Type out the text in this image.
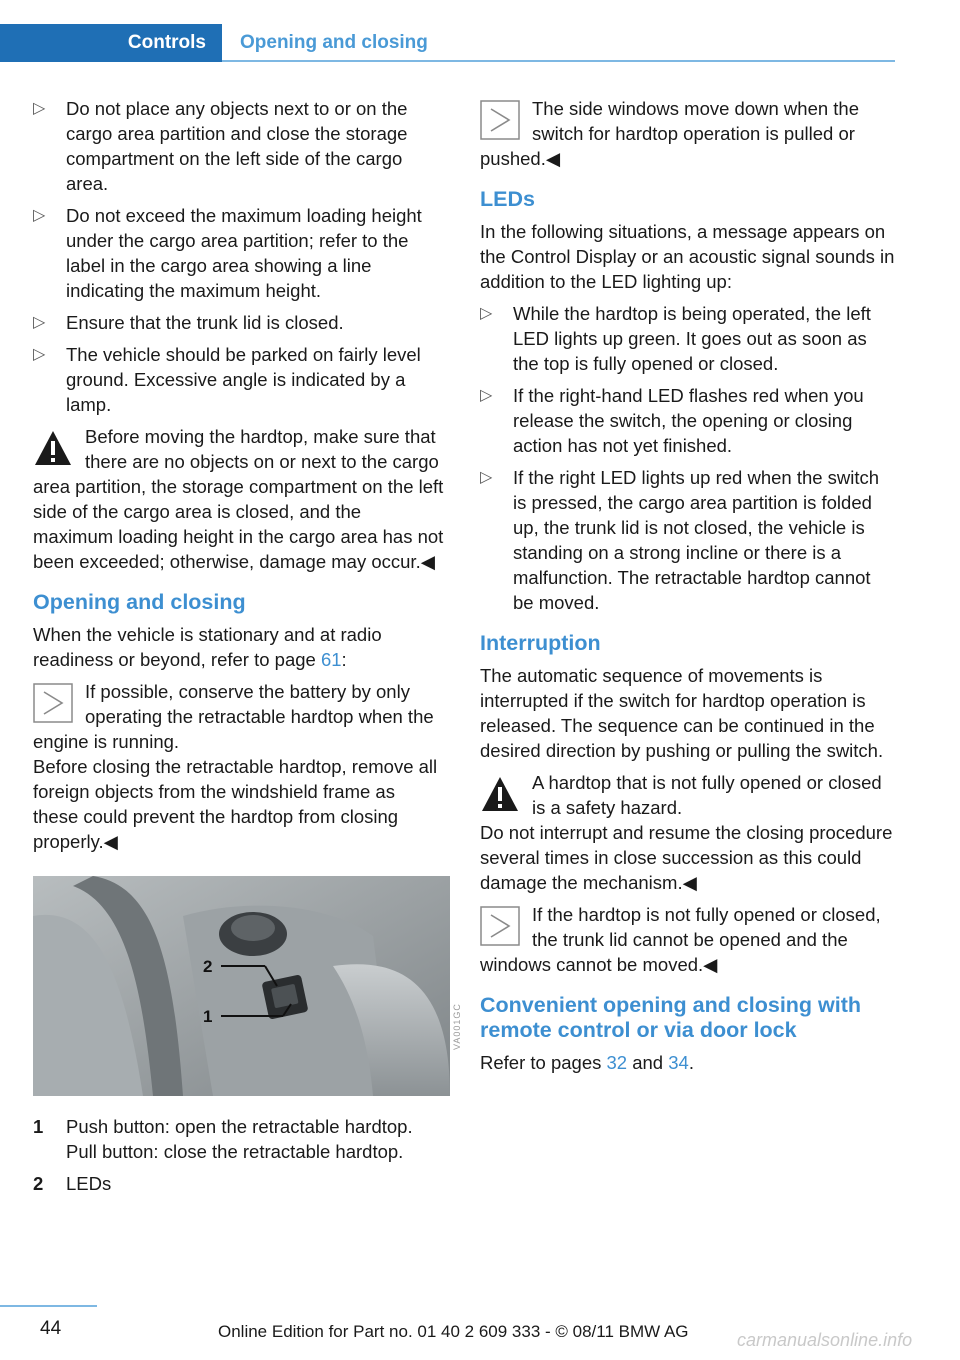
Controls	Opening and closing
▷ Do not place any objects next to or on the cargo area partition and close the storage compartment on the left side of the cargo area.
▷ Do not exceed the maximum loading height under the cargo area partition; refer to the label in the cargo area showing a line indicating the maximum height.
▷ Ensure that the trunk lid is closed.
▷ The vehicle should be parked on fairly level ground. Excessive angle is indicated by a lamp.
Before moving the hardtop, make sure that there are no objects on or next to the cargo area partition, the storage compartment on the left side of the cargo area is closed, and the maximum loading height in the cargo area has not been exceeded; otherwise, damage may occur.◀
Opening and closing
When the vehicle is stationary and at radio readiness or beyond, refer to page 61:
If possible, conserve the battery by only operating the retractable hardtop when the engine is running.
Before closing the retractable hardtop, remove all foreign objects from the windshield frame as these could prevent the hardtop from closing properly.◀
2
1
1 Push button: open the retractable hardtop. Pull button: close the retractable hardtop.
2 LEDs
VA001GC
The side windows move down when the switch for hardtop operation is pulled or pushed.◀
LEDs
In the following situations, a message appears on the Control Display or an acoustic signal sounds in addition to the LED lighting up:
▷ While the hardtop is being operated, the left LED lights up green. It goes out as soon as the top is fully opened or closed.
▷ If the right-hand LED flashes red when you release the switch, the opening or closing action has not yet finished.
▷ If the right LED lights up red when the switch is pressed, the cargo area partition is folded up, the trunk lid is not closed, the vehicle is standing on a strong incline or there is a malfunction. The retractable hardtop cannot be moved.
Interruption
The automatic sequence of movements is interrupted if the switch for hardtop operation is released. The sequence can be continued in the desired direction by pushing or pulling the switch.
A hardtop that is not fully opened or closed is a safety hazard.
Do not interrupt and resume the closing procedure several times in close succession as this could damage the mechanism.◀
If the hardtop is not fully opened or closed, the trunk lid cannot be opened and the windows cannot be moved.◀
Convenient opening and closing with remote control or via door lock
Refer to pages 32 and 34.
44	Online Edition for Part no. 01 40 2 609 333 - © 08/11 BMW AG	carmanualsonline.info
